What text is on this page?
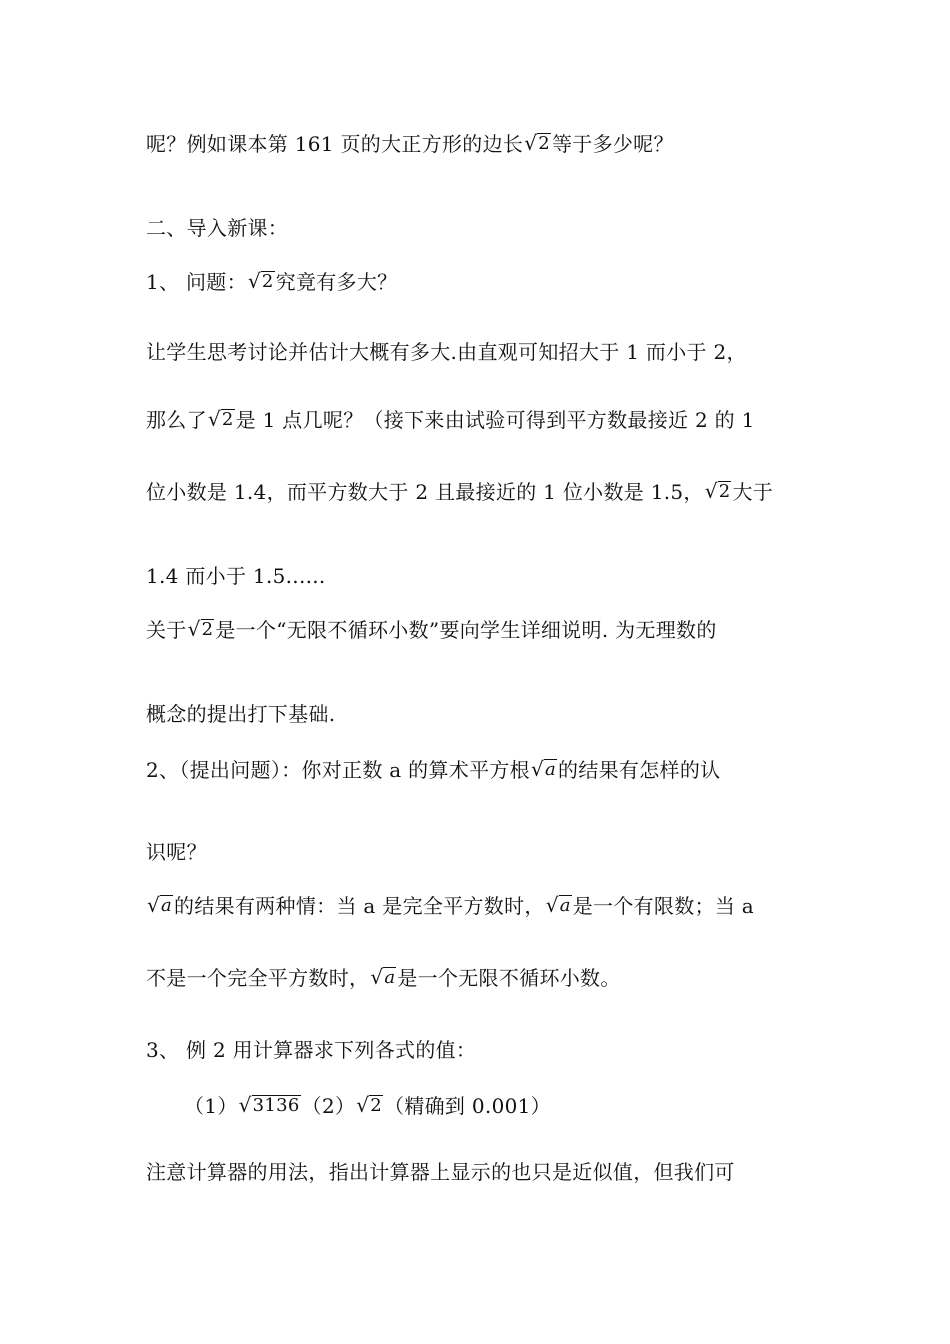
呢？例如课本第 161 页的大正方形的边长 √ 2 等于多少呢？

二、导入新课：

1、 问题： √ 2 究竟有多大？

让学生思考讨论并估计大概有多大.由直观可知招大于 1 而小于 2，

那么了 √ 2 是 1 点几呢？（接下来由试验可得到平方数最接近 2 的 1

位小数是 1.4，而平方数大于 2 且最接近的 1 位小数是 1.5， √ 2 大于

1.4 而小于 1.5......

关于 √ 2 是一个“无限不循环小数”要向学生详细说明. 为无理数的

概念的提出打下基础.

2、（提出问题）：你对正数 a 的算术平方根 √ a 的结果有怎样的认

识呢？

√ a 的结果有两种情：当 a 是完全平方数时， √ a 是一个有限数；当 a

不是一个完全平方数时， √ a 是一个无限不循环小数。

3、 例 2 用计算器求下列各式的值：

（1） √ 3136 （2） √ 2 （精确到 0.001）

注意计算器的用法，指出计算器上显示的也只是近似值，但我们可
